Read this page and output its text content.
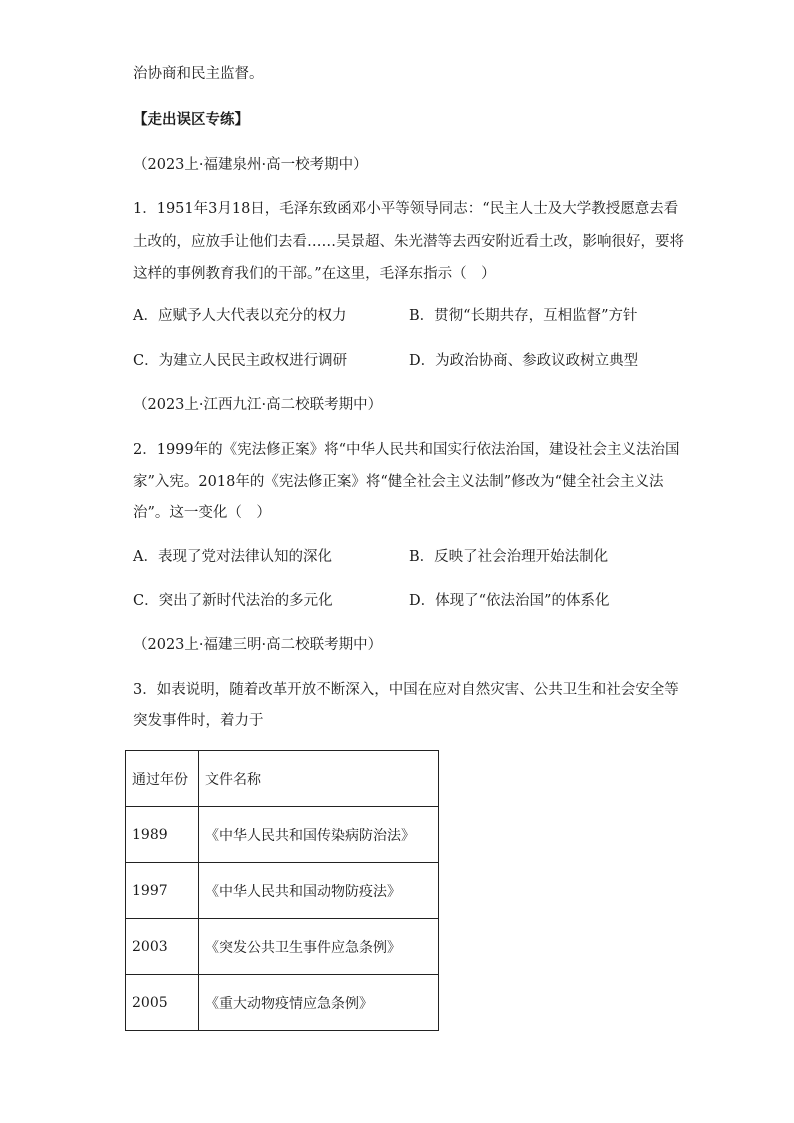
治协商和民主监督。
【走出误区专练】
（2023上·福建泉州·高一校考期中）
1．1951年3月18日，毛泽东致函邓小平等领导同志：“民主人士及大学教授愿意去看
土改的，应放手让他们去看……吴景超、朱光潜等去西安附近看土改，影响很好，要将
这样的事例教育我们的干部。”在这里，毛泽东指示（　）
A．应赋予人大代表以充分的权力	B．贯彻“长期共存，互相监督”方针
C．为建立人民民主政权进行调研	D．为政治协商、参政议政树立典型
（2023上·江西九江·高二校联考期中）
2．1999年的《宪法修正案》将“中华人民共和国实行依法治国，建设社会主义法治国
家”入宪。2018年的《宪法修正案》将“健全社会主义法制”修改为“健全社会主义法
治”。这一变化（　）
A．表现了党对法律认知的深化	B．反映了社会治理开始法制化
C．突出了新时代法治的多元化	D．体现了“依法治国”的体系化
（2023上·福建三明·高二校联考期中）
3．如表说明，随着改革开放不断深入，中国在应对自然灾害、公共卫生和社会安全等
突发事件时，着力于
通过年份	文件名称
1989	《中华人民共和国传染病防治法》
1997	《中华人民共和国动物防疫法》
2003	《突发公共卫生事件应急条例》
2005	《重大动物疫情应急条例》
